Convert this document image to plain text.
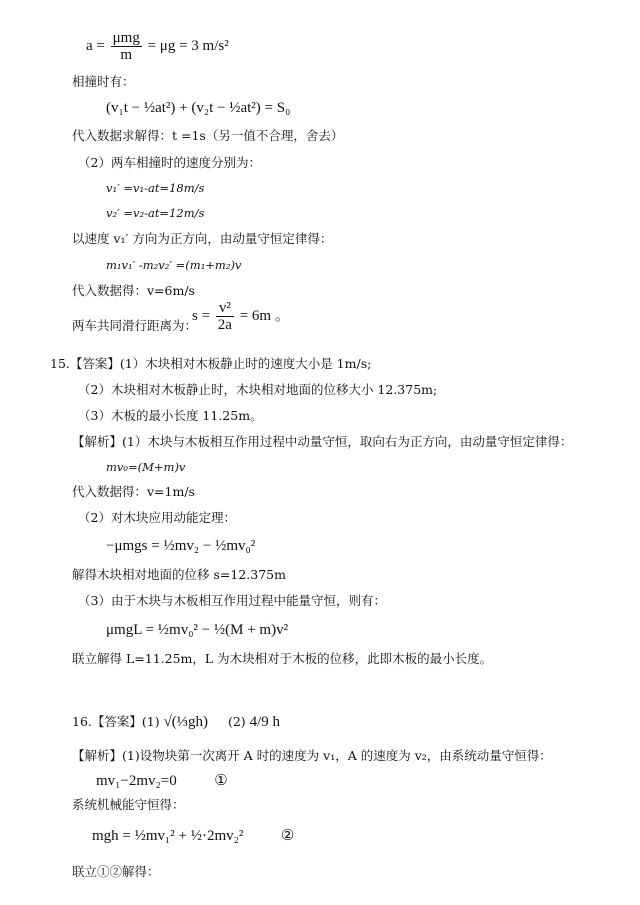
$a = \frac{\text{μmg}}{m} = \mu g = 3$ m/s²
相撞时有：
(v₁t − ½at²) + (v₂t − ½at²) = S₀
代入数据求解得：t =1s（另一值不合理，舍去）
（2）两车相撞时的速度分别为：
v₁′ =v₁-at=18m/s
v₂′ =v₂-at=12m/s
以速度 v₁′ 方向为正方向，由动量守恒定律得：
m₁v₁′ -m₂v₂′ =(m₁+m₂)v
代入数据得：v=6m/s
两车共同滑行距离为：
$s = \frac{\text{v²}}{2a} = 6m$ 。
15.【答案】(1）木块相对木板静止时的速度大小是 1m/s;
（2）木块相对木板静止时，木块相对地面的位移大小 12.375m;
（3）木板的最小长度 11.25m。
【解析】(1）木块与木板相互作用过程中动量守恒，取向右为正方向，由动量守恒定律得：
mv₀=(M+m)v
代入数据得：v=1m/s
（2）对木块应用动能定理：
−μmgs = ½mv₂ − ½mv₀²
解得木块相对地面的位移 s=12.375m
（3）由于木块与木板相互作用过程中能量守恒，则有：
μmgL = ½mv₀² − ½(M + m)v²
联立解得 L=11.25m，L 为木块相对于木板的位移，此即木板的最小长度。
16.【答案】(1) √(⅓gh) (2) 4/9 h
【解析】(1)设物块第一次离开 A 时的速度为 v₁，A 的速度为 v₂，由系统动量守恒得：
mv₁−2mv₂=0	①
系统机械能守恒得：
mgh = ½mv₁² + ½·2mv₂²	②
联立①②解得：
